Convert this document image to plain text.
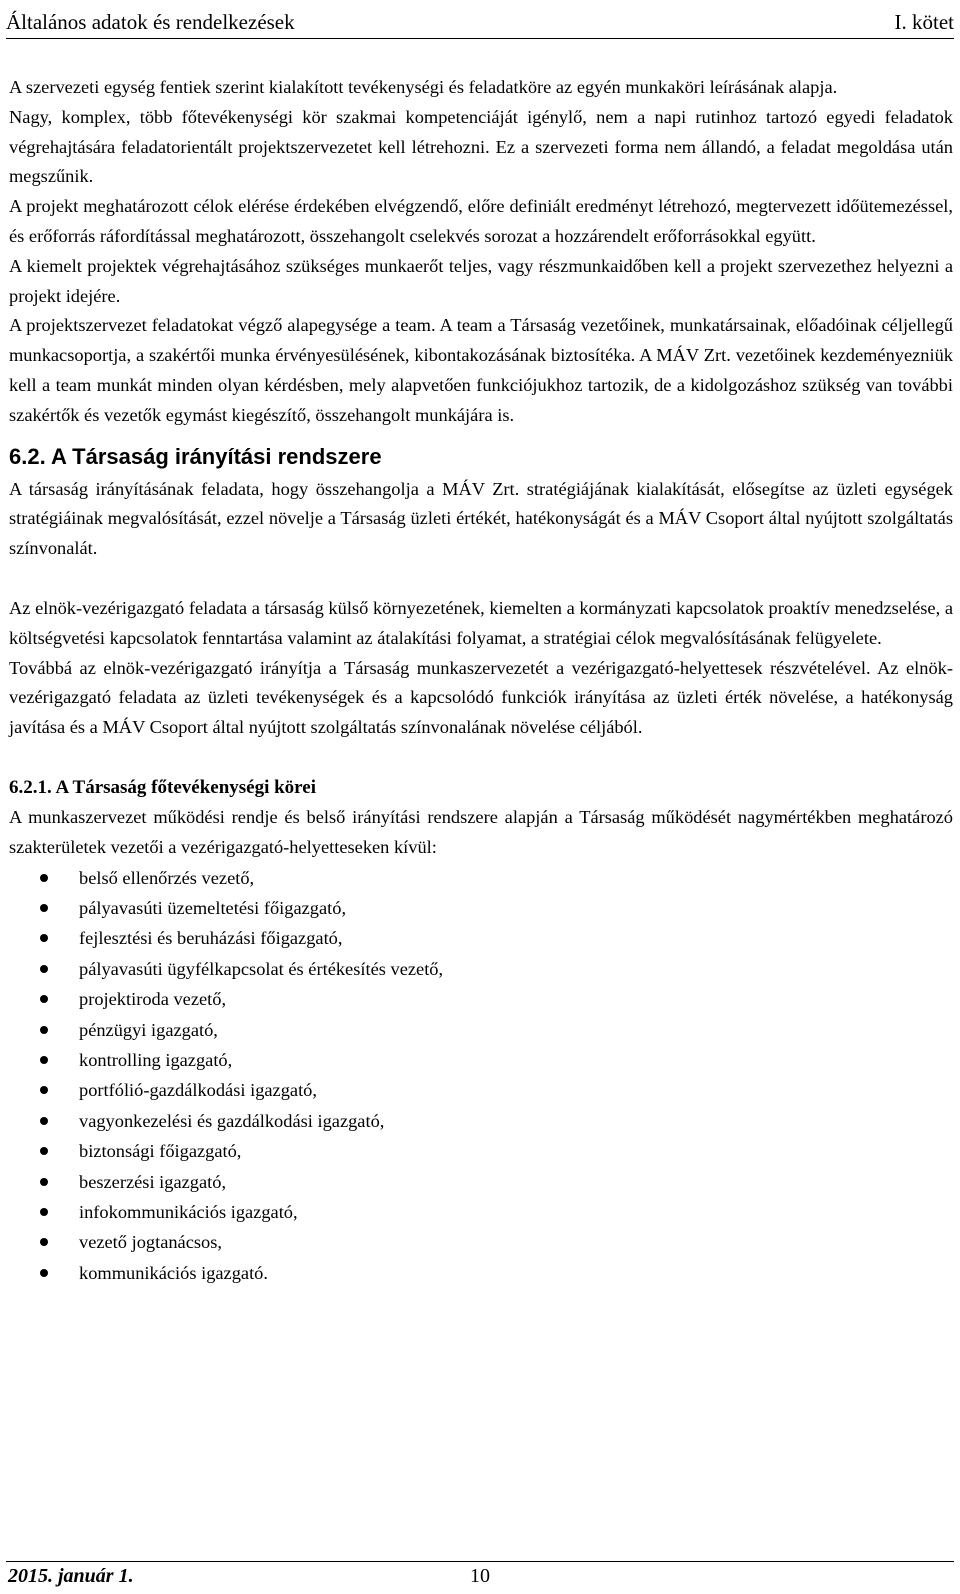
Általános adatok és rendelkezések	I. kötet

A szervezeti egység fentiek szerint kialakított tevékenységi és feladatköre az egyén munkaköri leírásának alapja.

Nagy, komplex, több főtevékenységi kör szakmai kompetenciáját igénylő, nem a napi rutinhoz tartozó egyedi feladatok végrehajtására feladatorientált projektszervezetet kell létrehozni. Ez a szervezeti forma nem állandó, a feladat megoldása után megszűnik.

A projekt meghatározott célok elérése érdekében elvégzendő, előre definiált eredményt létrehozó, megtervezett időütemezéssel, és erőforrás ráfordítással meghatározott, összehangolt cselekvés sorozat a hozzárendelt erőforrásokkal együtt.

A kiemelt projektek végrehajtásához szükséges munkaerőt teljes, vagy részmunkaidőben kell a projekt szervezethez helyezni a projekt idejére.

A projektszervezet feladatokat végző alapegysége a team. A team a Társaság vezetőinek, munkatársainak, előadóinak céljellegű munkacsoportja, a szakértői munka érvényesülésének, kibontakozásának biztosítéka. A MÁV Zrt. vezetőinek kezdeményezniük kell a team munkát minden olyan kérdésben, mely alapvetően funkciójukhoz tartozik, de a kidolgozáshoz szükség van további szakértők és vezetők egymást kiegészítő, összehangolt munkájára is.

6.2. A Társaság irányítási rendszere

A társaság irányításának feladata, hogy összehangolja a MÁV Zrt. stratégiájának kialakítását, elősegítse az üzleti egységek stratégiáinak megvalósítását, ezzel növelje a Társaság üzleti értékét, hatékonyságát és a MÁV Csoport által nyújtott szolgáltatás színvonalát.

Az elnök-vezérigazgató feladata a társaság külső környezetének, kiemelten a kormányzati kapcsolatok proaktív menedzselése, a költségvetési kapcsolatok fenntartása valamint az átalakítási folyamat, a stratégiai célok megvalósításának felügyelete.

Továbbá az elnök-vezérigazgató irányítja a Társaság munkaszervezetét a vezérigazgató-helyettesek részvételével. Az elnök-vezérigazgató feladata az üzleti tevékenységek és a kapcsolódó funkciók irányítása az üzleti érték növelése, a hatékonyság javítása és a MÁV Csoport által nyújtott szolgáltatás színvonalának növelése céljából.

6.2.1. A Társaság főtevékenységi körei

A munkaszervezet működési rendje és belső irányítási rendszere alapján a Társaság működését nagymértékben meghatározó szakterületek vezetői a vezérigazgató-helyetteseken kívül:

belső ellenőrzés vezető,
pályavasúti üzemeltetési főigazgató,
fejlesztési és beruházási főigazgató,
pályavasúti ügyfélkapcsolat és értékesítés vezető,
projektiroda vezető,
pénzügyi igazgató,
kontrolling igazgató,
portfólió-gazdálkodási igazgató,
vagyonkezelési és gazdálkodási igazgató,
biztonsági főigazgató,
beszerzési igazgató,
infokommunikációs igazgató,
vezető jogtanácsos,
kommunikációs igazgató.
2015. január 1.	10
